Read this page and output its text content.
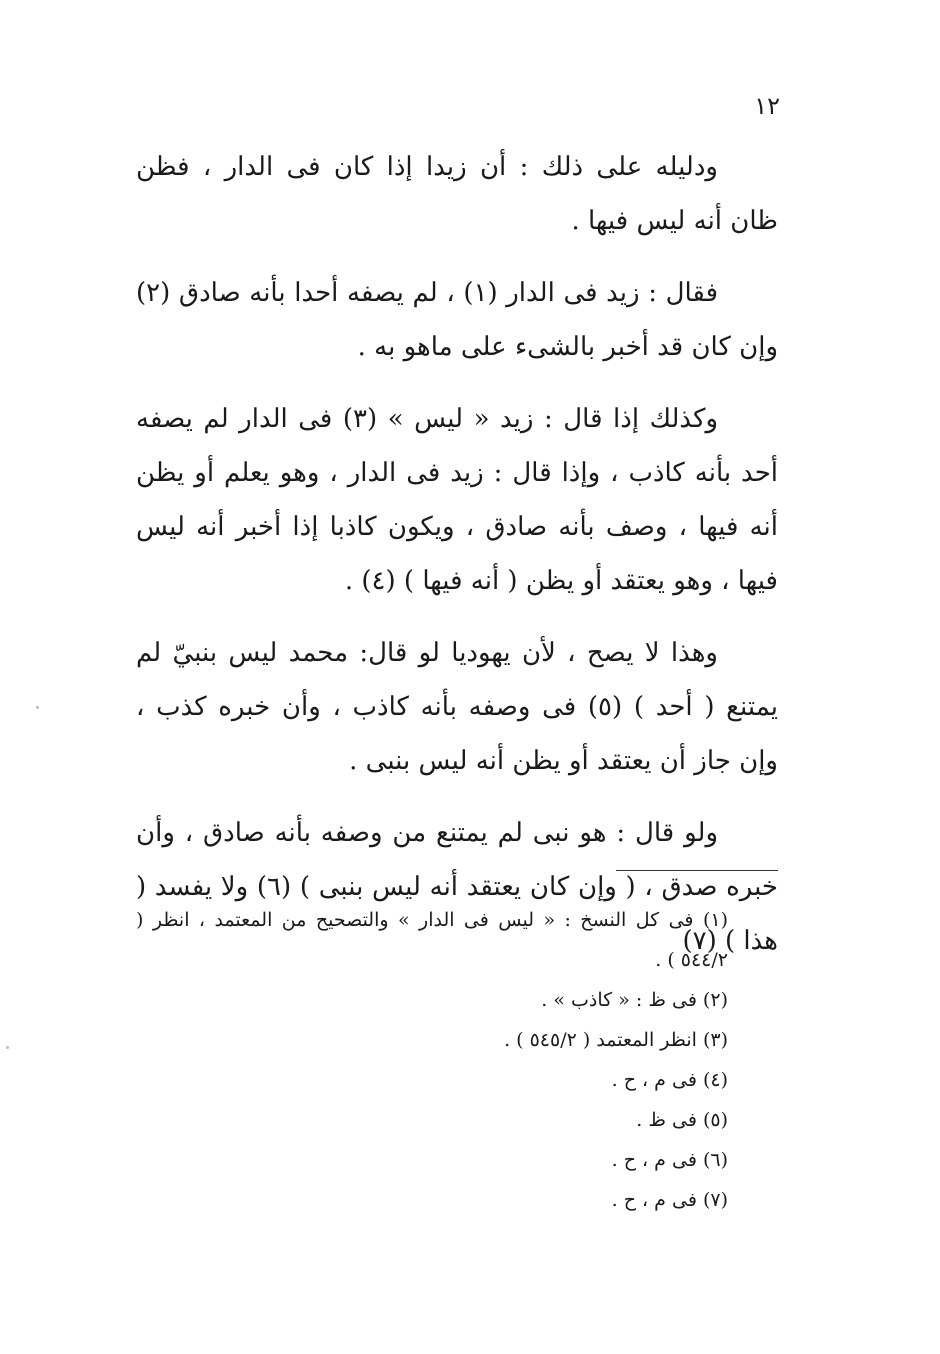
١٢

ودليله على ذلك : أن زيدا إذا كان فى الدار ، فظن ظان أنه ليس فيها .

فقال : زيد فى الدار (١) ، لم يصفه أحدا بأنه صادق (٢) وإن كان قد أخبر بالشىء على ماهو به .

وكذلك إذا قال : زيد « ليس » (٣) فى الدار لم يصفه أحد بأنه كاذب ، وإذا قال : زيد فى الدار ، وهو يعلم أو يظن أنه فيها ، وصف بأنه صادق ، ويكون كاذبا إذا أخبر أنه ليس فيها ، وهو يعتقد أو يظن ( أنه فيها ) (٤) .

وهذا لا يصح ، لأن يهوديا لو قال: محمد ليس بنبيّ لم يمتنع ( أحد ) (٥) فى وصفه بأنه كاذب ، وأن خبره كذب ، وإن جاز أن يعتقد أو يظن أنه ليس بنبى .

ولو قال : هو نبى لم يمتنع من وصفه بأنه صادق ، وأن خبره صدق ، ( وإن كان يعتقد أنه ليس بنبى ) (٦) ولا يفسد ( هذا ) (٧)

(١) فى كل النسخ : « ليس فى الدار » والتصحيح من المعتمد ، انظر ( ٥٤٤/٢ ) .

(٢) فى ظ : « كاذب » .

(٣) انظر المعتمد ( ٥٤٥/٢ ) .

(٤) فى م ، ح .

(٥) فى ظ .

(٦) فى م ، ح .

(٧) فى م ، ح .
